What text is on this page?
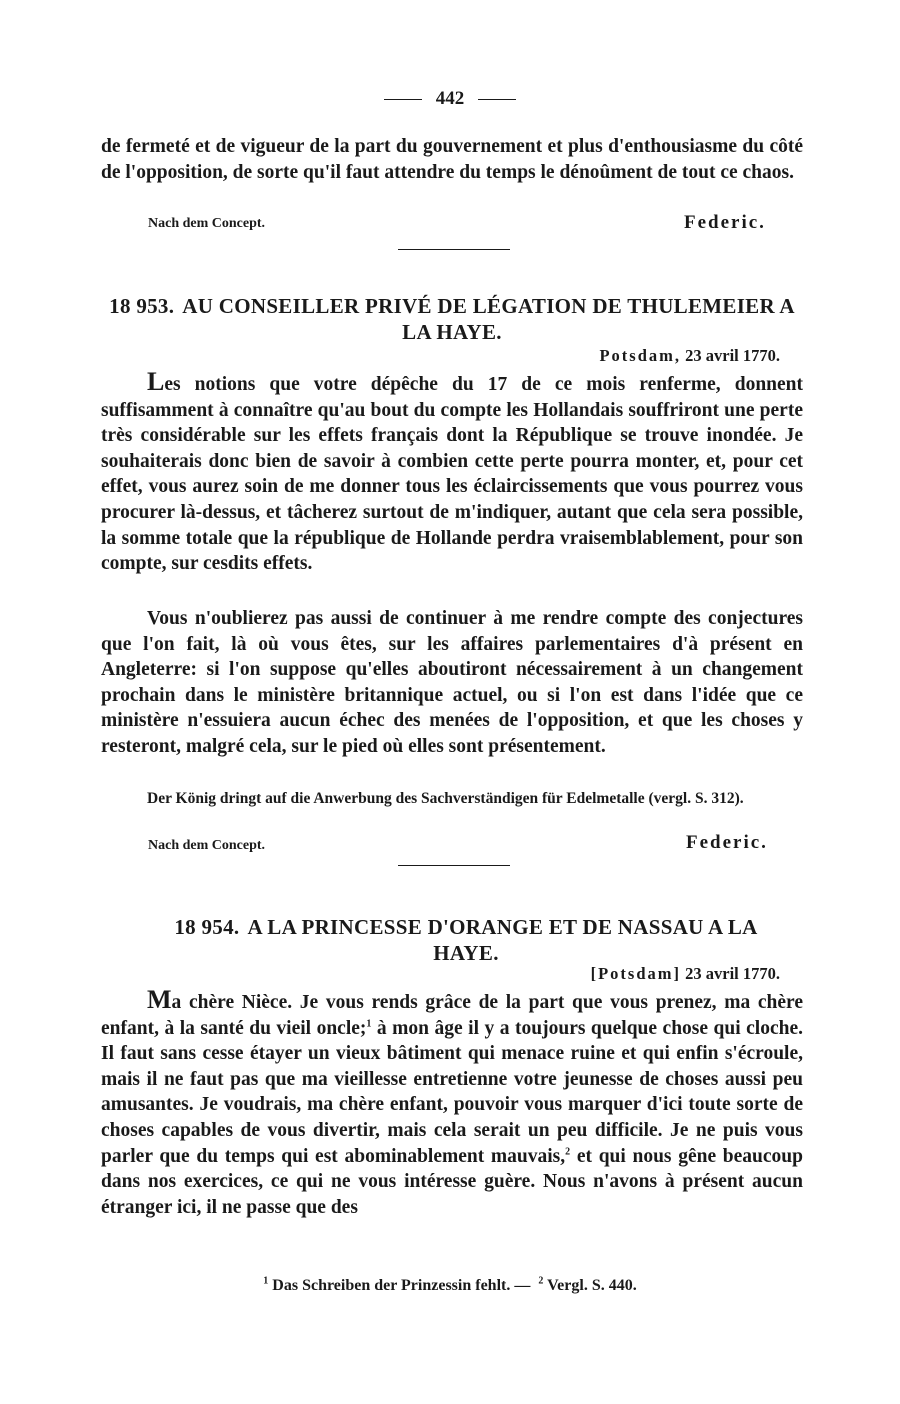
442
de fermeté et de vigueur de la part du gouvernement et plus d'enthousiasme du côté de l'opposition, de sorte qu'il faut attendre du temps le dénoûment de tout ce chaos.
Nach dem Concept.	Federic.
18 953. AU CONSEILLER PRIVÉ DE LÉGATION DE THULEMEIER A LA HAYE.
Potsdam, 23 avril 1770.
Les notions que votre dépêche du 17 de ce mois renferme, donnent suffisamment à connaître qu'au bout du compte les Hollandais souffriront une perte très considérable sur les effets français dont la République se trouve inondée. Je souhaiterais donc bien de savoir à combien cette perte pourra monter, et, pour cet effet, vous aurez soin de me donner tous les éclaircissements que vous pourrez vous procurer là-dessus, et tâcherez surtout de m'indiquer, autant que cela sera possible, la somme totale que la république de Hollande perdra vraisemblablement, pour son compte, sur cesdits effets.
Vous n'oublierez pas aussi de continuer à me rendre compte des conjectures que l'on fait, là où vous êtes, sur les affaires parlementaires d'à présent en Angleterre: si l'on suppose qu'elles aboutiront nécessairement à un changement prochain dans le ministère britannique actuel, ou si l'on est dans l'idée que ce ministère n'essuiera aucun échec des menées de l'opposition, et que les choses y resteront, malgré cela, sur le pied où elles sont présentement.
Der König dringt auf die Anwerbung des Sachverständigen für Edelmetalle (vergl. S. 312).
Nach dem Concept.	Federic.
18 954. A LA PRINCESSE D'ORANGE ET DE NASSAU A LA HAYE.
[Potsdam] 23 avril 1770.
Ma chère Nièce. Je vous rends grâce de la part que vous prenez, ma chère enfant, à la santé du vieil oncle;$^1$ à mon âge il y a toujours quelque chose qui cloche. Il faut sans cesse étayer un vieux bâtiment qui menace ruine et qui enfin s'écroule, mais il ne faut pas que ma vieillesse entretienne votre jeunesse de choses aussi peu amusantes. Je voudrais, ma chère enfant, pouvoir vous marquer d'ici toute sorte de choses capables de vous divertir, mais cela serait un peu difficile. Je ne puis vous parler que du temps qui est abominablement mauvais,$^2$ et qui nous gêne beaucoup dans nos exercices, ce qui ne vous intéresse guère. Nous n'avons à présent aucun étranger ici, il ne passe que des
$^1$ Das Schreiben der Prinzessin fehlt. — $^2$ Vergl. S. 440.
